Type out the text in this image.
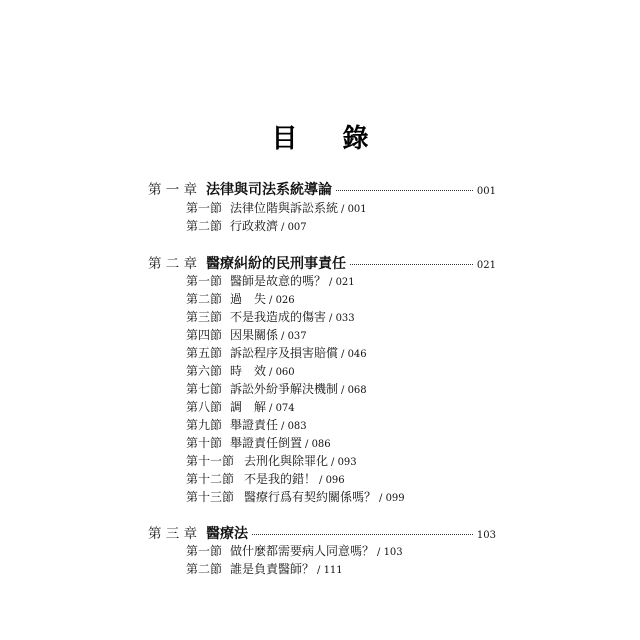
目 錄
第 一 章 法律與司法系統導論	001
第一節 法律位階與訴訟系統 / 001
第二節 行政救濟 / 007
第 二 章 醫療糾紛的民刑事責任	021
第一節 醫師是故意的嗎？ / 021
第二節 過　失 / 026
第三節 不是我造成的傷害 / 033
第四節 因果關係 / 037
第五節 訴訟程序及損害賠償 / 046
第六節 時　效 / 060
第七節 訴訟外紛爭解決機制 / 068
第八節 調　解 / 074
第九節 舉證責任 / 083
第十節 舉證責任倒置 / 086
第十一節 去刑化與除罪化 / 093
第十二節 不是我的錯！ / 096
第十三節 醫療行爲有契約關係嗎？ / 099
第 三 章 醫療法	103
第一節 做什麼都需要病人同意嗎？ / 103
第二節 誰是負責醫師？ / 111
